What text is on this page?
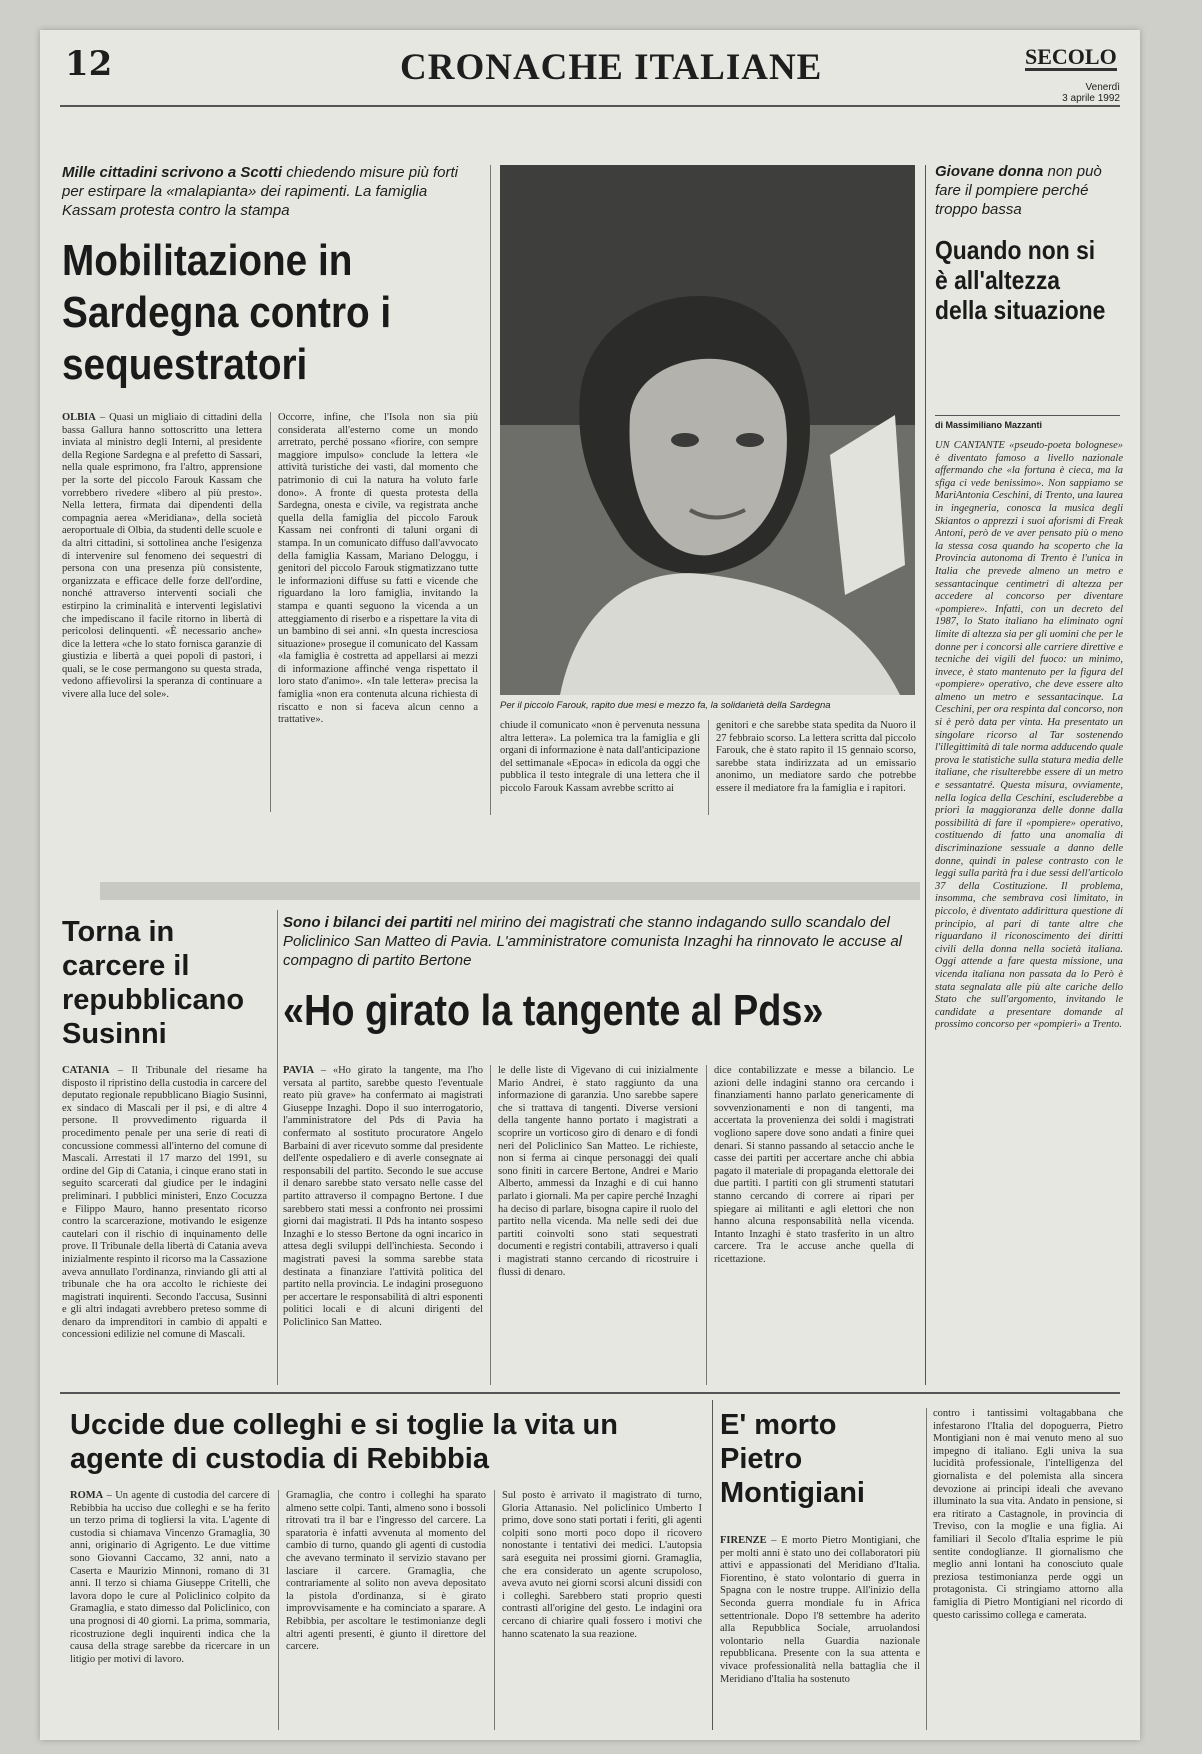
12	CRONACHE ITALIANE	SECOLO
Venerdì
3 aprile 1992
Mille cittadini scrivono a Scotti chiedendo misure più forti per estirpare la «malapianta» dei rapimenti. La famiglia Kassam protesta contro la stampa
Mobilitazione in Sardegna contro i sequestratori

OLBIA – Quasi un migliaio di cittadini della bassa Gallura hanno sottoscritto una lettera inviata al ministro degli Interni, al presidente della Regione Sardegna e al prefetto di Sassari, nella quale esprimono, fra l'altro, apprensione per la sorte del piccolo Farouk Kassam che vorrebbero rivedere «libero al più presto». Nella lettera, firmata dai dipendenti della compagnia aerea «Meridiana», della società aeroportuale di Olbia, da studenti delle scuole e da altri cittadini, si sottolinea anche l'esigenza di intervenire sul fenomeno dei sequestri di persona con una presenza più consistente, organizzata e efficace delle forze dell'ordine, nonché attraverso interventi sociali che estirpino la criminalità e interventi legislativi che impediscano il facile ritorno in libertà di pericolosi delinquenti. «È necessario anche» dice la lettera «che lo stato fornisca garanzie di giustizia e libertà a quei popoli di pastori, i quali, se le cose permangono su questa strada, vedono affievolirsi la speranza di continuare a vivere alla luce del sole».

Occorre, infine, che l'Isola non sia più considerata all'esterno come un mondo arretrato, perché possano «fiorire, con sempre maggiore impulso» conclude la lettera «le attività turistiche dei vasti, dal momento che patrimonio di cui la natura ha voluto farle dono». A fronte di questa protesta della Sardegna, onesta e civile, va registrata anche quella della famiglia del piccolo Farouk Kassam nei confronti di taluni organi di stampa. In un comunicato diffuso dall'avvocato della famiglia Kassam, Mariano Deloggu, i genitori del piccolo Farouk stigmatizzano tutte le informazioni diffuse su fatti e vicende che riguardano la loro famiglia, invitando la stampa e quanti seguono la vicenda a un atteggiamento di riserbo e a rispettare la vita di un bambino di sei anni. «In questa incresciosa situazione» prosegue il comunicato del Kassam «la famiglia è costretta ad appellarsi ai mezzi di informazione affinché venga rispettato il loro stato d'animo». «In tale lettera» precisa la famiglia «non era contenuta alcuna richiesta di riscatto e non si faceva alcun cenno a trattative».

Per il piccolo Farouk, rapito due mesi e mezzo fa, la solidarietà della Sardegna
chiude il comunicato «non è pervenuta nessuna altra lettera». La polemica tra la famiglia e gli organi di informazione è nata dall'anticipazione del settimanale «Epoca» in edicola da oggi che pubblica il testo integrale di una lettera che il piccolo Farouk Kassam avrebbe scritto ai
genitori e che sarebbe stata spedita da Nuoro il 27 febbraio scorso. La lettera scritta dal piccolo Farouk, che è stato rapito il 15 gennaio scorso, sarebbe stata indirizzata ad un emissario anonimo, un mediatore sardo che potrebbe essere il mediatore fra la famiglia e i rapitori.
Giovane donna non può fare il pompiere perché troppo bassa
Quando non si è all'altezza della situazione
di Massimiliano Mazzanti
UN CANTANTE «pseudo-poeta bolognese» è diventato famoso a livello nazionale affermando che «la fortuna è cieca, ma la sfiga ci vede benissimo». Non sappiamo se MariAntonia Ceschini, di Trento, una laurea in ingegneria, conosca la musica degli Skiantos o apprezzi i suoi aforismi di Freak Antoni, però de ve aver pensato più o meno la stessa cosa quando ha scoperto che la Provincia autonoma di Trento è l'unica in Italia che prevede almeno un metro e sessantacinque centimetri di altezza per accedere al concorso per diventare «pompiere». Infatti, con un decreto del 1987, lo Stato italiano ha eliminato ogni limite di altezza sia per gli uomini che per le donne per i concorsi alle carriere direttive e tecniche dei vigili del fuoco: un minimo, invece, è stato mantenuto per la figura del «pompiere» operativo, che deve essere alto almeno un metro e sessantacinque. La Ceschini, per ora respinta dal concorso, non si è però data per vinta. Ha presentato un singolare ricorso al Tar sostenendo l'illegittimità di tale norma adducendo quale prova le statistiche sulla statura media delle italiane, che risulterebbe essere di un metro e sessantatré. Questa misura, ovviamente, nella logica della Ceschini, escluderebbe a priori la maggioranza delle donne dalla possibilità di fare il «pompiere» operativo, costituendo di fatto una anomalia di discriminazione sessuale a danno delle donne, quindi in palese contrasto con le leggi sulla parità fra i due sessi dell'articolo 37 della Costituzione. Il problema, insomma, che sembrava così limitato, in piccolo, è diventato addirittura questione di principio, al pari di tante altre che riguardano il riconoscimento dei diritti civili della donna nella società italiana. Oggi attende a fare questa missione, una vicenda italiana non passata da lo Però è stata segnalata alle più alte cariche dello Stato che sull'argomento, invitando le candidate a presentare domande al prossimo concorso per «pompieri» a Trento.
Torna in carcere il repubblicano Susinni

CATANIA – Il Tribunale del riesame ha disposto il ripristino della custodia in carcere del deputato regionale repubblicano Biagio Susinni, ex sindaco di Mascali per il psi, e di altre 4 persone. Il provvedimento riguarda il procedimento penale per una serie di reati di concussione commessi all'interno del comune di Mascali. Arrestati il 17 marzo del 1991, su ordine del Gip di Catania, i cinque erano stati in seguito scarcerati dal giudice per le indagini preliminari. I pubblici ministeri, Enzo Cocuzza e Filippo Mauro, hanno presentato ricorso contro la scarcerazione, motivando le esigenze cautelari con il rischio di inquinamento delle prove. Il Tribunale della libertà di Catania aveva inizialmente respinto il ricorso ma la Cassazione aveva annullato l'ordinanza, rinviando gli atti al tribunale che ha ora accolto le richieste dei magistrati inquirenti. Secondo l'accusa, Susinni e gli altri indagati avrebbero preteso somme di denaro da imprenditori in cambio di appalti e concessioni edilizie nel comune di Mascali.

Sono i bilanci dei partiti nel mirino dei magistrati che stanno indagando sullo scandalo del Policlinico San Matteo di Pavia. L'amministratore comunista Inzaghi ha rinnovato le accuse al compagno di partito Bertone
«Ho girato la tangente al Pds»

PAVIA – «Ho girato la tangente, ma l'ho versata al partito, sarebbe questo l'eventuale reato più grave» ha confermato ai magistrati Giuseppe Inzaghi. Dopo il suo interrogatorio, l'amministratore del Pds di Pavia ha confermato al sostituto procuratore Angelo Barbaini di aver ricevuto somme dal presidente dell'ente ospedaliero e di averle consegnate ai responsabili del partito. Secondo le sue accuse il denaro sarebbe stato versato nelle casse del partito attraverso il compagno Bertone. I due sarebbero stati messi a confronto nei prossimi giorni dai magistrati. Il Pds ha intanto sospeso Inzaghi e lo stesso Bertone da ogni incarico in attesa degli sviluppi dell'inchiesta. Secondo i magistrati pavesi la somma sarebbe stata destinata a finanziare l'attività politica del partito nella provincia. Le indagini proseguono per accertare le responsabilità di altri esponenti politici locali e di alcuni dirigenti del Policlinico San Matteo.

le delle liste di Vigevano di cui inizialmente Mario Andrei, è stato raggiunto da una informazione di garanzia. Uno sarebbe sapere che si trattava di tangenti. Diverse versioni della tangente hanno portato i magistrati a scoprire un vorticoso giro di denaro e di fondi neri del Policlinico San Matteo. Le richieste, non si ferma ai cinque personaggi dei quali sono finiti in carcere Bertone, Andrei e Mario Alberto, ammessi da Inzaghi e di cui hanno parlato i giornali. Ma per capire perché Inzaghi ha deciso di parlare, bisogna capire il ruolo del partito nella vicenda. Ma nelle sedi dei due partiti coinvolti sono stati sequestrati documenti e registri contabili, attraverso i quali i magistrati stanno cercando di ricostruire i flussi di denaro.
dice contabilizzate e messe a bilancio. Le azioni delle indagini stanno ora cercando i finanziamenti hanno parlato genericamente di sovvenzionamenti e non di tangenti, ma accertata la provenienza dei soldi i magistrati vogliono sapere dove sono andati a finire quei denari. Si stanno passando al setaccio anche le casse dei partiti per accertare anche chi abbia pagato il materiale di propaganda elettorale dei due partiti. I partiti con gli strumenti statutari stanno cercando di correre ai ripari per spiegare ai militanti e agli elettori che non hanno alcuna responsabilità nella vicenda. Intanto Inzaghi è stato trasferito in un altro carcere. Tra le accuse anche quella di ricettazione.
Uccide due colleghi e si toglie la vita un agente di custodia di Rebibbia

ROMA – Un agente di custodia del carcere di Rebibbia ha ucciso due colleghi e se ha ferito un terzo prima di togliersi la vita. L'agente di custodia si chiamava Vincenzo Gramaglia, 30 anni, originario di Agrigento. Le due vittime sono Giovanni Caccamo, 32 anni, nato a Caserta e Maurizio Minnoni, romano di 31 anni. Il terzo si chiama Giuseppe Critelli, che lavora dopo le cure al Policlinico colpito da Gramaglia, e stato dimesso dal Policlinico, con una prognosi di 40 giorni. La prima, sommaria, ricostruzione degli inquirenti indica che la causa della strage sarebbe da ricercare in un litigio per motivi di lavoro.

Gramaglia, che contro i colleghi ha sparato almeno sette colpi. Tanti, almeno sono i bossoli ritrovati tra il bar e l'ingresso del carcere. La sparatoria è infatti avvenuta al momento del cambio di turno, quando gli agenti di custodia che avevano terminato il servizio stavano per lasciare il carcere. Gramaglia, che contrariamente al solito non aveva depositato la pistola d'ordinanza, si è girato improvvisamente e ha cominciato a sparare. A Rebibbia, per ascoltare le testimonianze degli altri agenti presenti, è giunto il direttore del carcere.
Sul posto è arrivato il magistrato di turno, Gloria Attanasio. Nel policlinico Umberto I primo, dove sono stati portati i feriti, gli agenti colpiti sono morti poco dopo il ricovero nonostante i tentativi dei medici. L'autopsia sarà eseguita nei prossimi giorni. Gramaglia, che era considerato un agente scrupoloso, aveva avuto nei giorni scorsi alcuni dissidi con i colleghi. Sarebbero stati proprio questi contrasti all'origine del gesto. Le indagini ora cercano di chiarire quali fossero i motivi che hanno scatenato la sua reazione.
E' morto Pietro Montigiani

FIRENZE – È morto Pietro Montigiani, che per molti anni è stato uno dei collaboratori più attivi e appassionati del Meridiano d'Italia. Fiorentino, è stato volontario di guerra in Spagna con le nostre truppe. All'inizio della Seconda guerra mondiale fu in Africa settentrionale. Dopo l'8 settembre ha aderito alla Repubblica Sociale, arruolandosi volontario nella Guardia nazionale repubblicana. Presente con la sua attenta e vivace professionalità nella battaglia che il Meridiano d'Italia ha sostenuto

contro i tantissimi voltagabbana che infestarono l'Italia del dopoguerra, Pietro Montigiani non è mai venuto meno al suo impegno di italiano. Egli univa la sua lucidità professionale, l'intelligenza del giornalista e del polemista alla sincera devozione ai principi ideali che avevano illuminato la sua vita. Andato in pensione, si era ritirato a Castagnole, in provincia di Treviso, con la moglie e una figlia. Ai familiari il Secolo d'Italia esprime le più sentite condoglianze. Il giornalismo che meglio anni lontani ha conosciuto quale preziosa testimonianza perde oggi un protagonista. Ci stringiamo attorno alla famiglia di Pietro Montigiani nel ricordo di questo carissimo collega e camerata.
